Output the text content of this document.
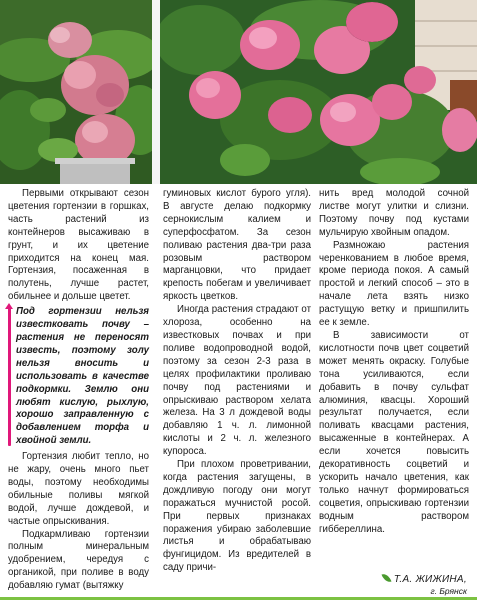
Первыми открывают сезон цветения гортензии в горшках, часть растений из контейнеров высаживаю в грунт, и их цветение приходится на конец мая. Гортензия, посаженная в полутень, лучше растет, обильнее и дольше цветет.

Под гортензии нельзя известковать почву – растения не переносят известь, поэтому золу нельзя вносить и использовать в качестве подкормки. Землю они любят кислую, рыхлую, хорошо заправленную с добавлением торфа и хвойной земли.

Гортензия любит тепло, но не жару, очень много пьет воды, поэтому необходимы обильные поливы мягкой водой, лучше дождевой, и частые опрыскивания.

Подкармливаю гортензии полным минеральным удобрением, чередуя с органикой, при поливе в воду добавляю гумат (вытяжку

гуминовых кислот бурого угля). В августе делаю подкормку сернокислым калием и суперфосфатом. За сезон поливаю растения два-три раза розовым раствором марганцовки, что придает крепость побегам и увеличивает яркость цветков.

Иногда растения страдают от хлороза, особенно на известковых почвах и при поливе водопроводной водой, поэтому за сезон 2-3 раза в целях профилактики проливаю почву под растениями и опрыскиваю раствором хелата железа. На 3 л дождевой воды добавляю 1 ч. л. лимонной кислоты и 2 ч. л. железного купороса.

При плохом проветривании, когда растения загущены, в дождливую погоду они могут поражаться мучнистой росой. При первых признаках поражения убираю заболевшие листья и обрабатываю фунгицидом. Из вредителей в саду причи-

нить вред молодой сочной листве могут улитки и слизни. Поэтому почву под кустами мульчирую хвойным опадом.

Размножаю растения черенкованием в любое время, кроме периода покоя. А самый простой и легкий способ – это в начале лета взять низко растущую ветку и пришпилить ее к земле.

В зависимости от кислотности почв цвет соцветий может менять окраску. Голубые тона усиливаются, если добавить в почву сульфат алюминия, квасцы. Хороший результат получается, если поливать квасцами растения, высаженные в контейнерах. А если хочется повысить декоративность соцветий и ускорить начало цветения, как только начнут формироваться соцветия, опрыскиваю гортензии водным раствором гиббереллина.

Т.А. ЖИЖИНА,
г. Брянск
